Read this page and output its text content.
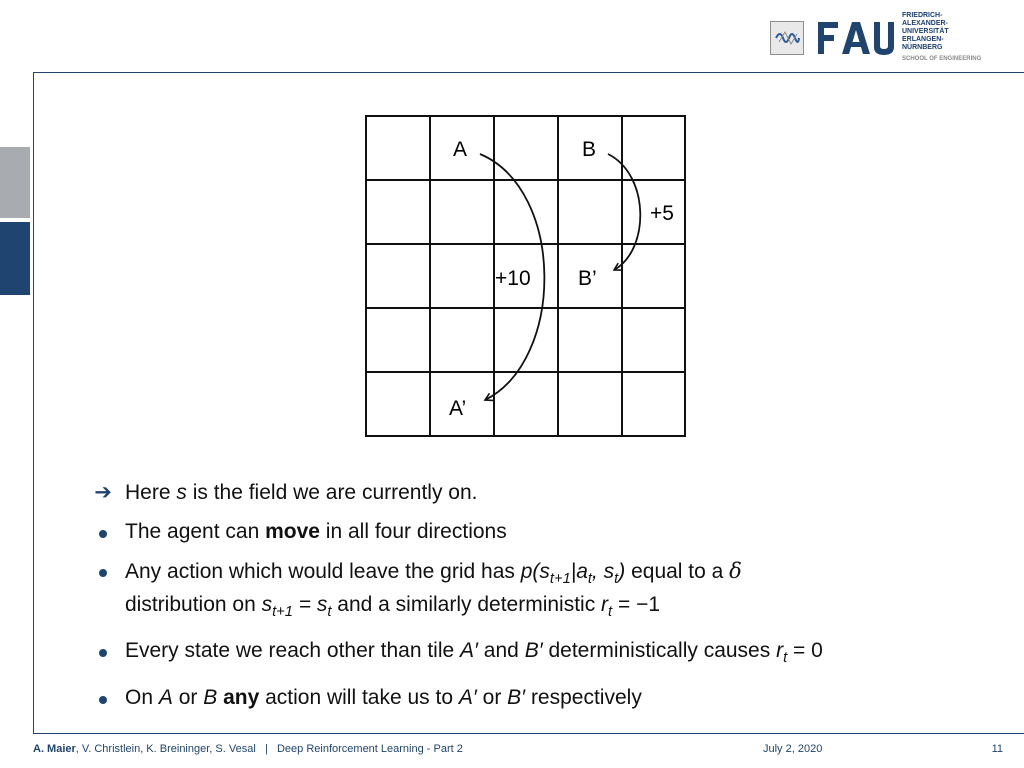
FRIEDRICH-ALEXANDER-
UNIVERSITÄT
ERLANGEN-NÜRNBERG
SCHOOL OF ENGINEERING
A	B
B’
A’
+10
+5
➔ Here s is the field we are currently on.
The agent can move in all four directions
Any action which would leave the grid has $p(s_{t+1}|a_t$, $s_t$) equal to a δ
distribution on $s_{t+1} = s_t$ and a similarly deterministic $r_t = -1$
Every state we reach other than tile A′ and B′ deterministically causes $r_t = 0$
On A or B any action will take us to A′ or B′ respectively
A. Maier, V. Christlein, K. Breininger, S. Vesal | Deep Reinforcement Learning - Part 2	July 2, 2020	11
